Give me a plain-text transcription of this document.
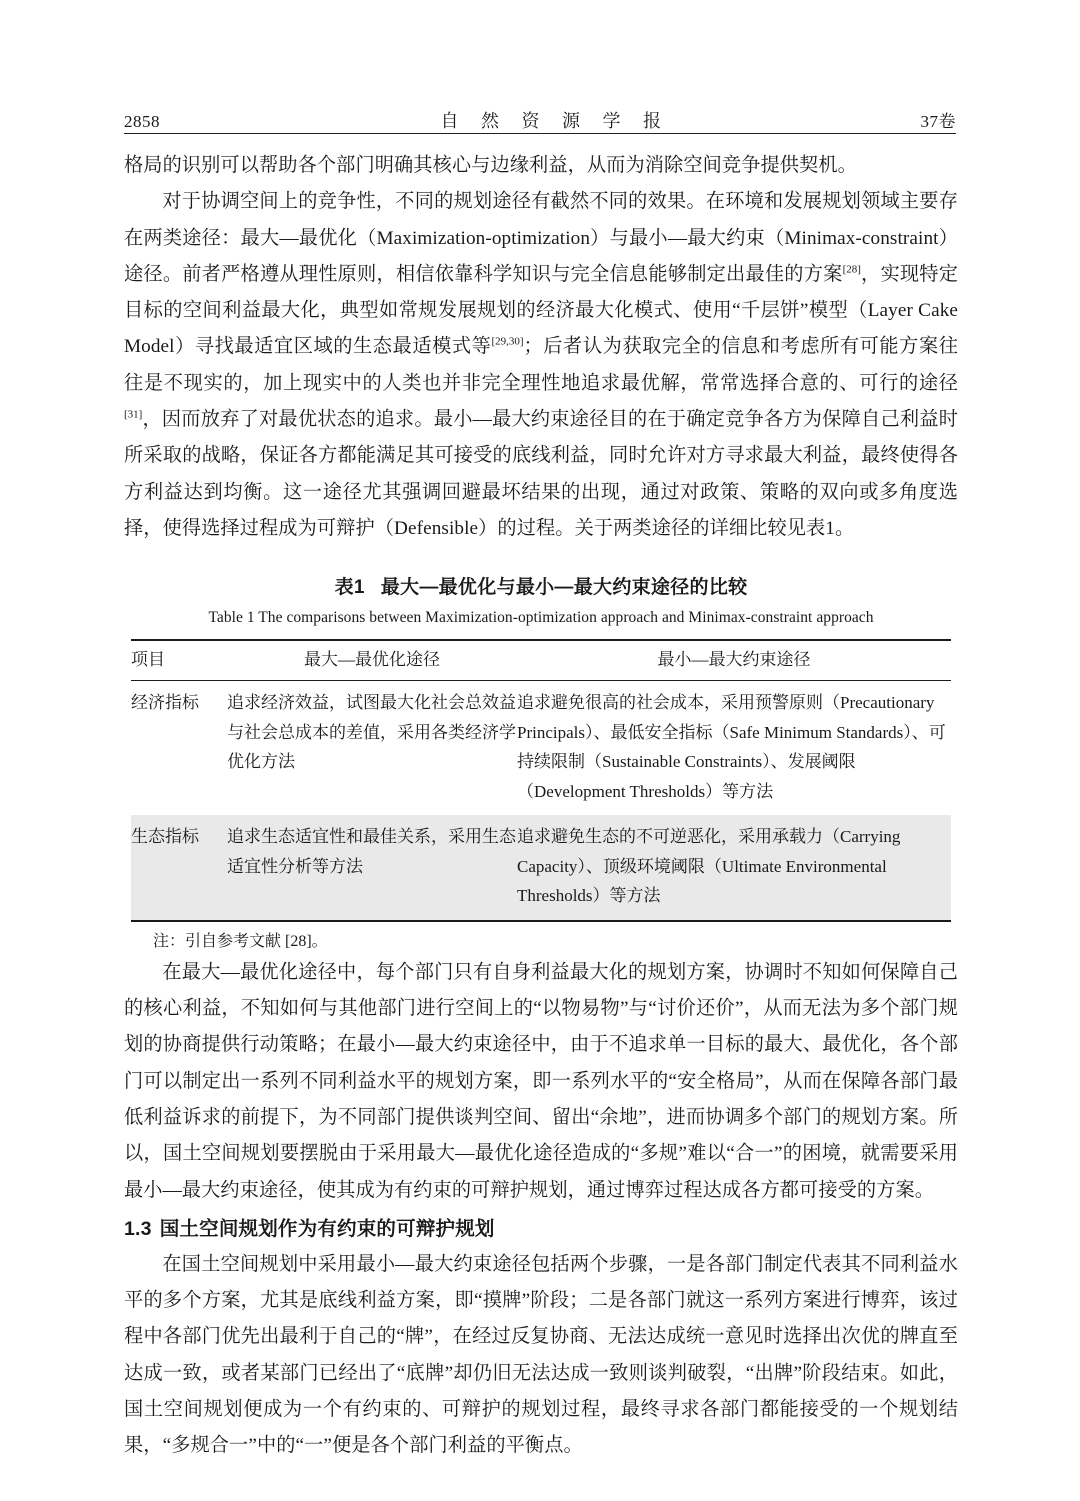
2858	自 然 资 源 学 报	37卷

格局的识别可以帮助各个部门明确其核心与边缘利益，从而为消除空间竞争提供契机。

对于协调空间上的竞争性，不同的规划途径有截然不同的效果。在环境和发展规划领域主要存在两类途径：最大—最优化（Maximization-optimization）与最小—最大约束（Minimax-constraint）途径。前者严格遵从理性原则，相信依靠科学知识与完全信息能够制定出最佳的方案[28]，实现特定目标的空间利益最大化，典型如常规发展规划的经济最大化模式、使用“千层饼”模型（Layer Cake Model）寻找最适宜区域的生态最适模式等[29,30]；后者认为获取完全的信息和考虑所有可能方案往往是不现实的，加上现实中的人类也并非完全理性地追求最优解，常常选择合意的、可行的途径[31]，因而放弃了对最优状态的追求。最小—最大约束途径目的在于确定竞争各方为保障自己利益时所采取的战略，保证各方都能满足其可接受的底线利益，同时允许对方寻求最大利益，最终使得各方利益达到均衡。这一途径尤其强调回避最坏结果的出现，通过对政策、策略的双向或多角度选择，使得选择过程成为可辩护（Defensible）的过程。关于两类途径的详细比较见表1。

表1 最大—最优化与最小—最大约束途径的比较
Table 1 The comparisons between Maximization-optimization approach and Minimax-constraint approach
项目	最大—最优化途径	最小—最大约束途径
经济指标	追求经济效益，试图最大化社会总效益与社会总成本的差值，采用各类经济学优化方法	追求避免很高的社会成本，采用预警原则（Precautionary Principals）、最低安全指标（Safe Minimum Standards）、可持续限制（Sustainable Constraints）、发展阈限（Development Thresholds）等方法
生态指标	追求生态适宜性和最佳关系，采用生态适宜性分析等方法	追求避免生态的不可逆恶化，采用承载力（Carrying Capacity）、顶级环境阈限（Ultimate Environmental Thresholds）等方法
注：引自参考文献 [28]。

在最大—最优化途径中，每个部门只有自身利益最大化的规划方案，协调时不知如何保障自己的核心利益，不知如何与其他部门进行空间上的“以物易物”与“讨价还价”，从而无法为多个部门规划的协商提供行动策略；在最小—最大约束途径中，由于不追求单一目标的最大、最优化，各个部门可以制定出一系列不同利益水平的规划方案，即一系列水平的“安全格局”，从而在保障各部门最低利益诉求的前提下，为不同部门提供谈判空间、留出“余地”，进而协调多个部门的规划方案。所以，国土空间规划要摆脱由于采用最大—最优化途径造成的“多规”难以“合一”的困境，就需要采用最小—最大约束途径，使其成为有约束的可辩护规划，通过博弈过程达成各方都可接受的方案。

1.3 国土空间规划作为有约束的可辩护规划

在国土空间规划中采用最小—最大约束途径包括两个步骤，一是各部门制定代表其不同利益水平的多个方案，尤其是底线利益方案，即“摸牌”阶段；二是各部门就这一系列方案进行博弈，该过程中各部门优先出最利于自己的“牌”，在经过反复协商、无法达成统一意见时选择出次优的牌直至达成一致，或者某部门已经出了“底牌”却仍旧无法达成一致则谈判破裂，“出牌”阶段结束。如此，国土空间规划便成为一个有约束的、可辩护的规划过程，最终寻求各部门都能接受的一个规划结果，“多规合一”中的“一”便是各个部门利益的平衡点。
